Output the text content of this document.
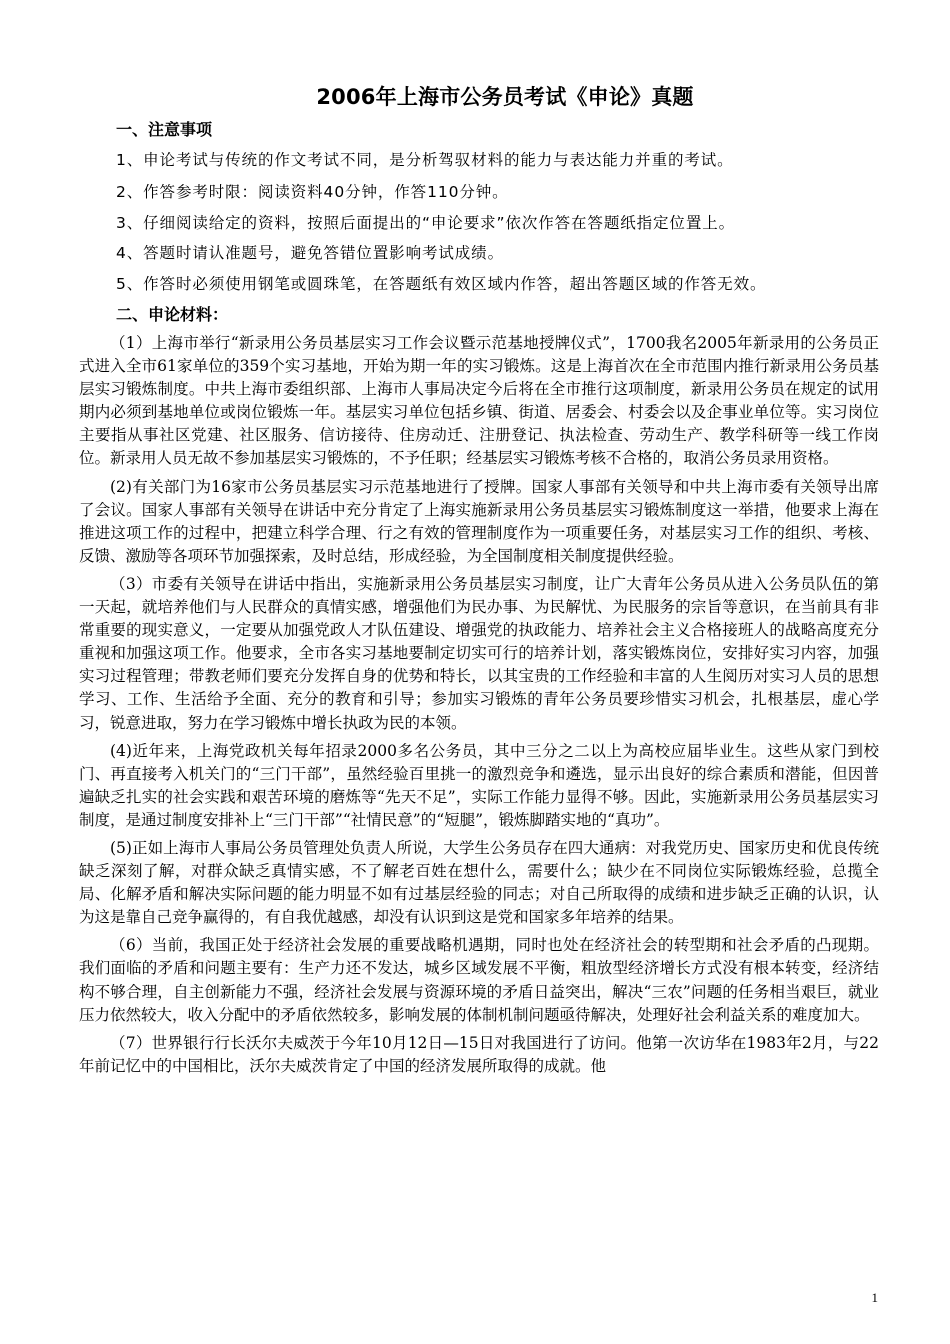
2006年上海市公务员考试《申论》真题
一、注意事项
1、申论考试与传统的作文考试不同，是分析驾驭材料的能力与表达能力并重的考试。
2、作答参考时限：阅读资料40分钟，作答110分钟。
3、仔细阅读给定的资料，按照后面提出的“申论要求”依次作答在答题纸指定位置上。
4、答题时请认准题号，避免答错位置影响考试成绩。
5、作答时必须使用钢笔或圆珠笔，在答题纸有效区域内作答，超出答题区域的作答无效。
二、申论材料：

（1）上海市举行“新录用公务员基层实习工作会议暨示范基地授牌仪式”，1700我名2005年新录用的公务员正式进入全市61家单位的359个实习基地，开始为期一年的实习锻炼。这是上海首次在全市范围内推行新录用公务员基层实习锻炼制度。中共上海市委组织部、上海市人事局决定今后将在全市推行这项制度，新录用公务员在规定的试用期内必须到基地单位或岗位锻炼一年。基层实习单位包括乡镇、街道、居委会、村委会以及企事业单位等。实习岗位主要指从事社区党建、社区服务、信访接待、住房动迁、注册登记、执法检查、劳动生产、教学科研等一线工作岗位。新录用人员无故不参加基层实习锻炼的，不予任职；经基层实习锻炼考核不合格的，取消公务员录用资格。

(2)有关部门为16家市公务员基层实习示范基地进行了授牌。国家人事部有关领导和中共上海市委有关领导出席了会议。国家人事部有关领导在讲话中充分肯定了上海实施新录用公务员基层实习锻炼制度这一举措，他要求上海在推进这项工作的过程中，把建立科学合理、行之有效的管理制度作为一项重要任务，对基层实习工作的组织、考核、反馈、激励等各项环节加强探索，及时总结，形成经验，为全国制度相关制度提供经验。

（3）市委有关领导在讲话中指出，实施新录用公务员基层实习制度，让广大青年公务员从进入公务员队伍的第一天起，就培养他们与人民群众的真情实感，增强他们为民办事、为民解忧、为民服务的宗旨等意识，在当前具有非常重要的现实意义，一定要从加强党政人才队伍建设、增强党的执政能力、培养社会主义合格接班人的战略高度充分重视和加强这项工作。他要求，全市各实习基地要制定切实可行的培养计划，落实锻炼岗位，安排好实习内容，加强实习过程管理；带教老师们要充分发挥自身的优势和特长，以其宝贵的工作经验和丰富的人生阅历对实习人员的思想学习、工作、生活给予全面、充分的教育和引导；参加实习锻炼的青年公务员要珍惜实习机会，扎根基层，虚心学习，锐意进取，努力在学习锻炼中增长执政为民的本领。

(4)近年来，上海党政机关每年招录2000多名公务员，其中三分之二以上为高校应届毕业生。这些从家门到校门、再直接考入机关门的“三门干部”，虽然经验百里挑一的激烈竞争和遴选，显示出良好的综合素质和潜能，但因普遍缺乏扎实的社会实践和艰苦环境的磨炼等“先天不足”，实际工作能力显得不够。因此，实施新录用公务员基层实习制度，是通过制度安排补上“三门干部”“社情民意”的“短腿”，锻炼脚踏实地的“真功”。

(5)正如上海市人事局公务员管理处负责人所说，大学生公务员存在四大通病：对我党历史、国家历史和优良传统缺乏深刻了解，对群众缺乏真情实感，不了解老百姓在想什么，需要什么；缺少在不同岗位实际锻炼经验，总揽全局、化解矛盾和解决实际问题的能力明显不如有过基层经验的同志；对自己所取得的成绩和进步缺乏正确的认识，认为这是靠自己竞争赢得的，有自我优越感，却没有认识到这是党和国家多年培养的结果。

（6）当前，我国正处于经济社会发展的重要战略机遇期，同时也处在经济社会的转型期和社会矛盾的凸现期。我们面临的矛盾和问题主要有：生产力还不发达，城乡区域发展不平衡，粗放型经济增长方式没有根本转变，经济结构不够合理，自主创新能力不强，经济社会发展与资源环境的矛盾日益突出，解决“三农”问题的任务相当艰巨，就业压力依然较大，收入分配中的矛盾依然较多，影响发展的体制机制问题亟待解决，处理好社会利益关系的难度加大。

（7）世界银行行长沃尔夫威茨于今年10月12日—15日对我国进行了访问。他第一次访华在1983年2月，与22年前记忆中的中国相比，沃尔夫威茨肯定了中国的经济发展所取得的成就。他

1
